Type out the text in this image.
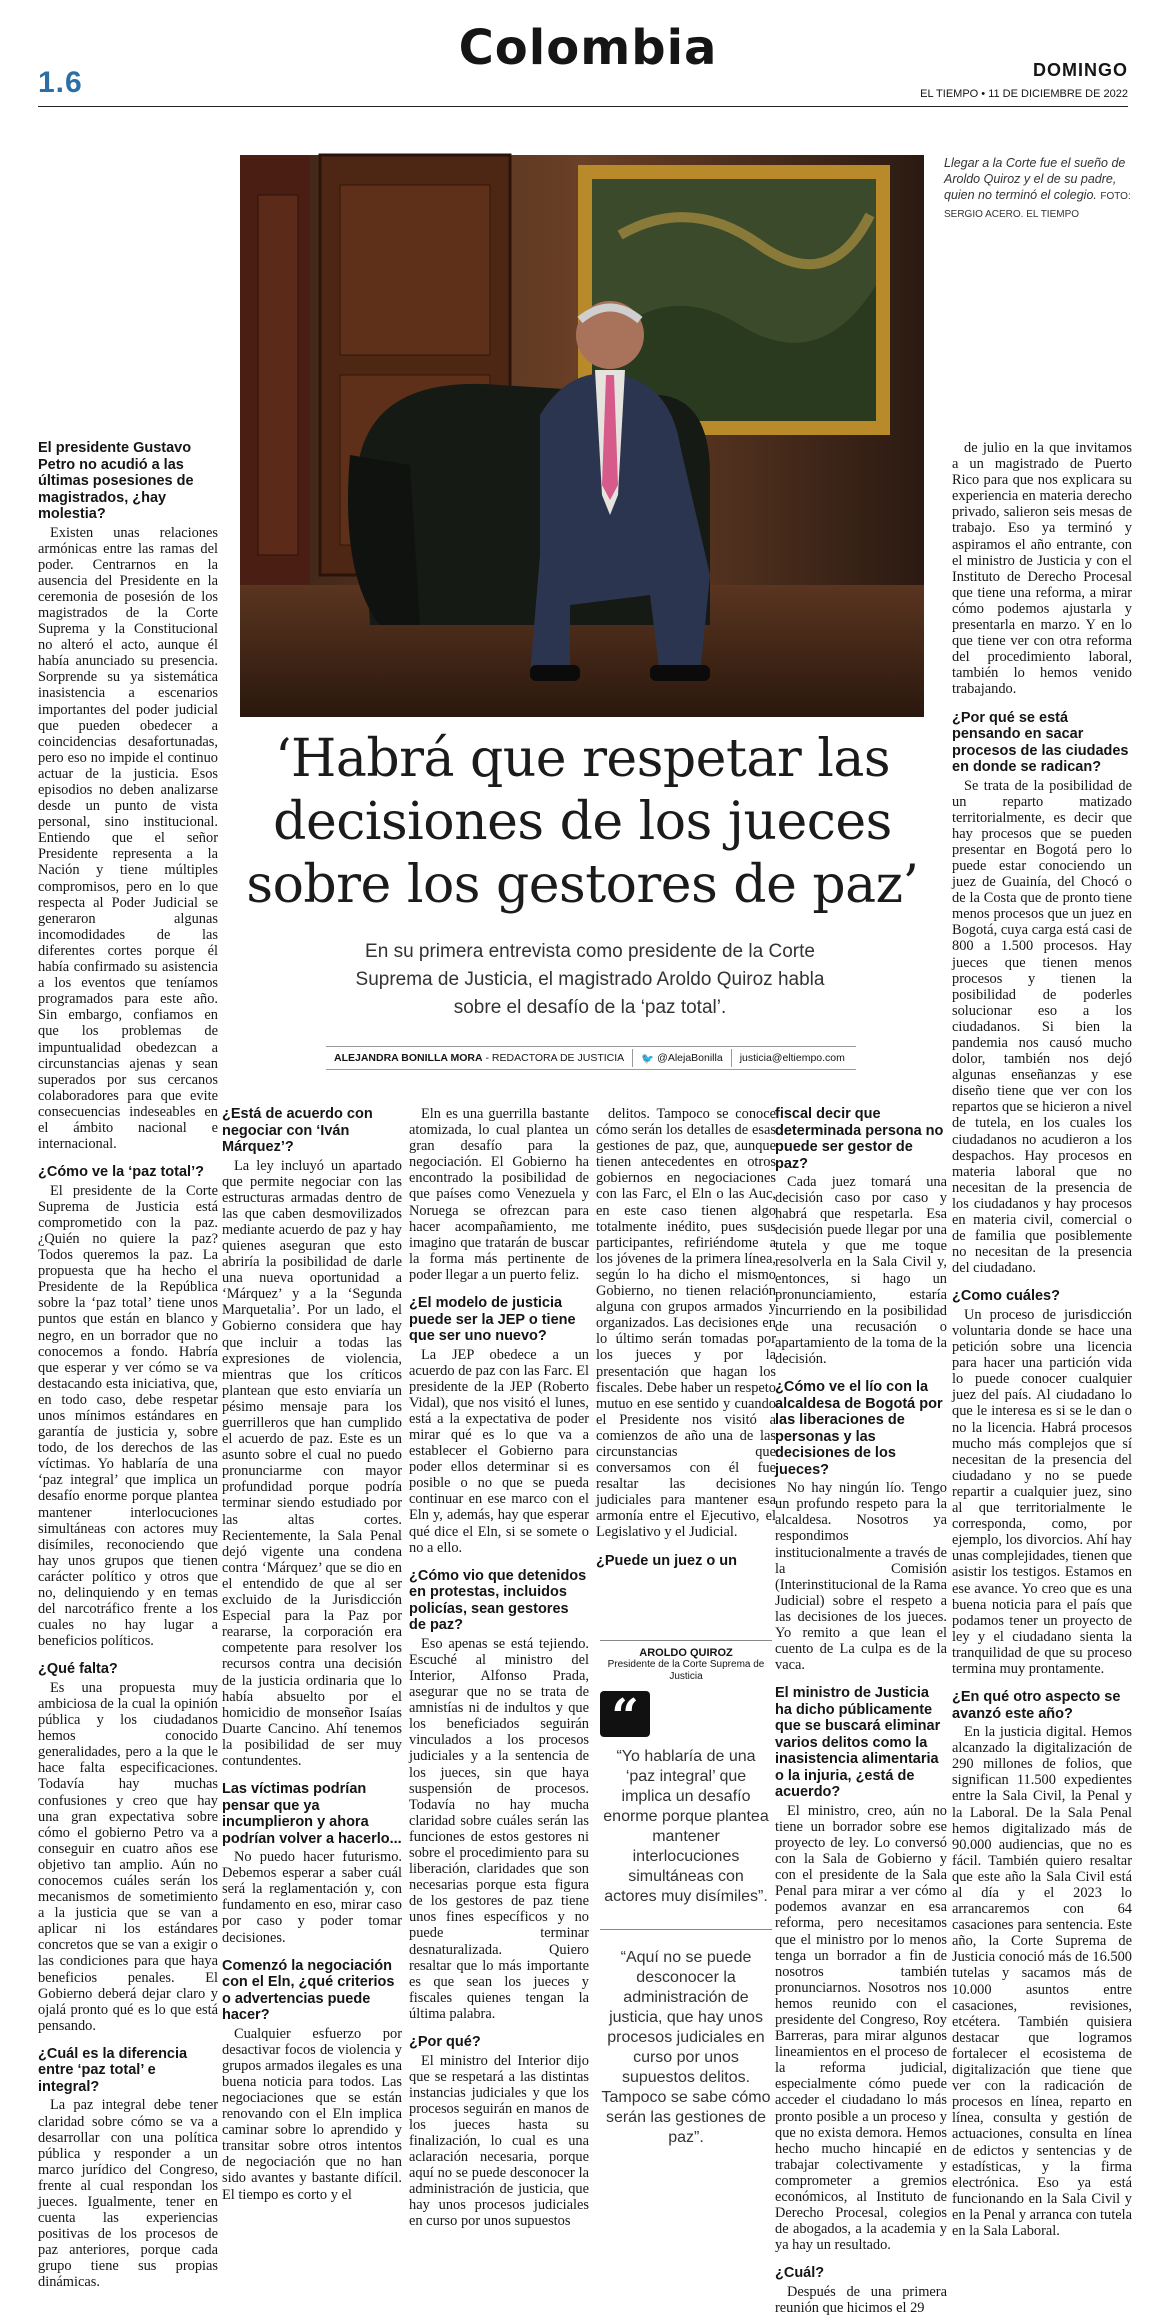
1.6
Colombia	DOMINGO
EL TIEMPO • 11 DE DICIEMBRE DE 2022
Llegar a la Corte fue el sueño de Aroldo Quiroz y el de su padre, quien no terminó el colegio. FOTO: SERGIO ACERO. EL TIEMPO
‘Habrá que respetar las decisiones de los jueces sobre los gestores de paz’
En su primera entrevista como presidente de la Corte Suprema de Justicia, el magistrado Aroldo Quiroz habla sobre el desafío de la ‘paz total’.
ALEJANDRA BONILLA MORA - REDACTORA DE JUSTICIA 🐦 @AlejaBonilla justicia@eltiempo.com
El presidente Gustavo Petro no acudió a las últimas posesiones de magistrados, ¿hay molestia?

Existen unas relaciones armónicas entre las ramas del poder. Centrarnos en la ausencia del Presidente en la ceremonia de posesión de los magistrados de la Corte Suprema y la Constitucional no alteró el acto, aunque él había anunciado su presencia. Sorprende su ya sistemática inasistencia a escenarios importantes del poder judicial que pueden obedecer a coincidencias desafortunadas, pero eso no impide el continuo actuar de la justicia. Esos episodios no deben analizarse desde un punto de vista personal, sino institucional. Entiendo que el señor Presidente representa a la Nación y tiene múltiples compromisos, pero en lo que respecta al Poder Judicial se generaron algunas incomodidades de las diferentes cortes porque él había confirmado su asistencia a los eventos que teníamos programados para este año. Sin embargo, confiamos en que los problemas de impuntualidad obedezcan a circunstancias ajenas y sean superados por sus cercanos colaboradores para que evite consecuencias indeseables en el ámbito nacional e internacional.

¿Cómo ve la ‘paz total’?

El presidente de la Corte Suprema de Justicia está comprometido con la paz. ¿Quién no quiere la paz? Todos queremos la paz. La propuesta que ha hecho el Presidente de la República sobre la ‘paz total’ tiene unos puntos que están en blanco y negro, en un borrador que no conocemos a fondo. Habría que esperar y ver cómo se va destacando esta iniciativa, que, en todo caso, debe respetar unos mínimos estándares en garantía de justicia y, sobre todo, de los derechos de las víctimas. Yo hablaría de una ‘paz integral’ que implica un desafío enorme porque plantea mantener interlocuciones simultáneas con actores muy disímiles, reconociendo que hay unos grupos que tienen carácter político y otros que no, delinquiendo y en temas del narcotráfico frente a los cuales no hay lugar a beneficios políticos.

¿Qué falta?

Es una propuesta muy ambiciosa de la cual la opinión pública y los ciudadanos hemos conocido generalidades, pero a la que le hace falta especificaciones. Todavía hay muchas confusiones y creo que hay una gran expectativa sobre cómo el gobierno Petro va a conseguir en cuatro años ese objetivo tan amplio. Aún no conocemos cuáles serán los mecanismos de sometimiento a la justicia que se van a aplicar ni los estándares concretos que se van a exigir o las condiciones para que haya beneficios penales. El Gobierno deberá dejar claro y ojalá pronto qué es lo que está pensando.

¿Cuál es la diferencia entre ‘paz total’ e integral?

La paz integral debe tener claridad sobre cómo se va a desarrollar con una política pública y responder a un marco jurídico del Congreso, frente al cual respondan los jueces. Igualmente, tener en cuenta las experiencias positivas de los procesos de paz anteriores, porque cada grupo tiene sus propias dinámicas.

¿Está de acuerdo con negociar con ‘Iván Márquez’?

La ley incluyó un apartado que permite negociar con las estructuras armadas dentro de las que caben desmovilizados mediante acuerdo de paz y hay quienes aseguran que esto abriría la posibilidad de darle una nueva oportunidad a ‘Márquez’ y a la ‘Segunda Marquetalia’. Por un lado, el Gobierno considera que hay que incluir a todas las expresiones de violencia, mientras que los críticos plantean que esto enviaría un pésimo mensaje para los guerrilleros que han cumplido el acuerdo de paz. Este es un asunto sobre el cual no puedo pronunciarme con mayor profundidad porque podría terminar siendo estudiado por las altas cortes. Recientemente, la Sala Penal dejó vigente una condena contra ‘Márquez’ que se dio en el entendido de que al ser excluido de la Jurisdicción Especial para la Paz por reararse, la corporación era competente para resolver los recursos contra una decisión de la justicia ordinaria que lo había absuelto por el homicidio de monseñor Isaías Duarte Cancino. Ahí tenemos la posibilidad de ser muy contundentes.

Las víctimas podrían pensar que ya incumplieron y ahora podrían volver a hacerlo...

No puedo hacer futurismo. Debemos esperar a saber cuál será la reglamentación y, con fundamento en eso, mirar caso por caso y poder tomar decisiones.

Comenzó la negociación con el Eln, ¿qué criterios o advertencias puede hacer?

Cualquier esfuerzo por desactivar focos de violencia y grupos armados ilegales es una buena noticia para todos. Las negociaciones que se están renovando con el Eln implica caminar sobre lo aprendido y transitar sobre otros intentos de negociación que no han sido avantes y bastante difícil. El tiempo es corto y el

Eln es una guerrilla bastante atomizada, lo cual plantea un gran desafío para la negociación. El Gobierno ha encontrado la posibilidad de que países como Venezuela y Noruega se ofrezcan para hacer acompañamiento, me imagino que tratarán de buscar la forma más pertinente de poder llegar a un puerto feliz.

¿El modelo de justicia puede ser la JEP o tiene que ser uno nuevo?

La JEP obedece a un acuerdo de paz con las Farc. El presidente de la JEP (Roberto Vidal), que nos visitó el lunes, está a la expectativa de poder mirar qué es lo que va a establecer el Gobierno para poder ellos determinar si es posible o no que se pueda continuar en ese marco con el Eln y, además, hay que esperar qué dice el Eln, si se somete o no a ello.

¿Cómo vio que detenidos en protestas, incluidos policías, sean gestores de paz?

Eso apenas se está tejiendo. Escuché al ministro del Interior, Alfonso Prada, asegurar que no se trata de amnistías ni de indultos y que los beneficiados seguirán vinculados a los procesos judiciales y a la sentencia de los jueces, sin que haya suspensión de procesos. Todavía no hay mucha claridad sobre cuáles serán las funciones de estos gestores ni sobre el procedimiento para su liberación, claridades que son necesarias porque esta figura de los gestores de paz tiene unos fines específicos y no puede terminar desnaturalizada. Quiero resaltar que lo más importante es que sean los jueces y fiscales quienes tengan la última palabra.

¿Por qué?

El ministro del Interior dijo que se respetará a las distintas instancias judiciales y que los procesos seguirán en manos de los jueces hasta su finalización, lo cual es una aclaración necesaria, porque aquí no se puede desconocer la administración de justicia, que hay unos procesos judiciales en curso por unos supuestos

delitos. Tampoco se conoce cómo serán los detalles de esas gestiones de paz, que, aunque tienen antecedentes en otros gobiernos en negociaciones con las Farc, el Eln o las Auc, en este caso tienen algo totalmente inédito, pues sus participantes, refiriéndome a los jóvenes de la primera línea, según lo ha dicho el mismo Gobierno, no tienen relación alguna con grupos armados y organizados. Las decisiones en lo último serán tomadas por los jueces y por la presentación que hagan los fiscales. Debe haber un respeto mutuo en ese sentido y cuando el Presidente nos visitó a comienzos de año una de las circunstancias que conversamos con él fue resaltar las decisiones judiciales para mantener esa armonía entre el Ejecutivo, el Legislativo y el Judicial.

¿Puede un juez o un
fiscal decir que determinada persona no puede ser gestor de paz?

Cada juez tomará una decisión caso por caso y habrá que respetarla. Esa decisión puede llegar por una tutela y que me toque resolverla en la Sala Civil y, entonces, si hago un pronunciamiento, estaría incurriendo en la posibilidad de una recusación o apartamiento de la toma de la decisión.

¿Cómo ve el lío con la alcaldesa de Bogotá por las liberaciones de personas y las decisiones de los jueces?

No hay ningún lío. Tengo un profundo respeto para la alcaldesa. Nosotros ya respondimos institucionalmente a través de la Comisión (Interinstitucional de la Rama Judicial) sobre el respeto a las decisiones de los jueces. Yo remito a que lean el cuento de La culpa es de la vaca.

El ministro de Justicia ha dicho públicamente que se buscará eliminar varios delitos como la inasistencia alimentaria o la injuria, ¿está de acuerdo?

El ministro, creo, aún no tiene un borrador sobre ese proyecto de ley. Lo conversó con la Sala de Gobierno y con el presidente de la Sala Penal para mirar a ver cómo podemos avanzar en esa reforma, pero necesitamos que el ministro por lo menos tenga un borrador a fin de nosotros también pronunciarnos. Nosotros nos hemos reunido con el presidente del Congreso, Roy Barreras, para mirar algunos lineamientos en el proceso de la reforma judicial, especialmente cómo puede acceder el ciudadano lo más pronto posible a un proceso y que no exista demora. Hemos hecho mucho hincapié en trabajar colectivamente y comprometer a gremios económicos, al Instituto de Derecho Procesal, colegios de abogados, a la academia y ya hay un resultado.

¿Cuál?

Después de una primera reunión que hicimos el 29

de julio en la que invitamos a un magistrado de Puerto Rico para que nos explicara su experiencia en materia derecho privado, salieron seis mesas de trabajo. Eso ya terminó y aspiramos el año entrante, con el ministro de Justicia y con el Instituto de Derecho Procesal que tiene una reforma, a mirar cómo podemos ajustarla y presentarla en marzo. Y en lo que tiene ver con otra reforma del procedimiento laboral, también lo hemos venido trabajando.

¿Por qué se está pensando en sacar procesos de las ciudades en donde se radican?

Se trata de la posibilidad de un reparto matizado territorialmente, es decir que hay procesos que se pueden presentar en Bogotá pero lo puede estar conociendo un juez de Guainía, del Chocó o de la Costa que de pronto tiene menos procesos que un juez en Bogotá, cuya carga está casi de 800 a 1.500 procesos. Hay jueces que tienen menos procesos y tienen la posibilidad de poderles solucionar eso a los ciudadanos. Si bien la pandemia nos causó mucho dolor, también nos dejó algunas enseñanzas y ese diseño tiene que ver con los repartos que se hicieron a nivel de tutela, en los cuales los ciudadanos no acudieron a los despachos. Hay procesos en materia laboral que no necesitan de la presencia de los ciudadanos y hay procesos en materia civil, comercial o de familia que posiblemente no necesitan de la presencia del ciudadano.

¿Como cuáles?

Un proceso de jurisdicción voluntaria donde se hace una petición sobre una licencia para hacer una partición vida lo puede conocer cualquier juez del país. Al ciudadano lo que le interesa es si se le dan o no la licencia. Habrá procesos mucho más complejos que sí necesitan de la presencia del ciudadano y no se puede repartir a cualquier juez, sino al que territorialmente le corresponda, como, por ejemplo, los divorcios. Ahí hay unas complejidades, tienen que asistir los testigos. Estamos en ese avance. Yo creo que es una buena noticia para el país que podamos tener un proyecto de ley y el ciudadano sienta la tranquilidad de que su proceso termina muy prontamente.

¿En qué otro aspecto se avanzó este año?

En la justicia digital. Hemos alcanzado la digitalización de 290 millones de folios, que significan 11.500 expedientes entre la Sala Civil, la Penal y la Laboral. De la Sala Penal hemos digitalizado más de 90.000 audiencias, que no es fácil. También quiero resaltar que este año la Sala Civil está al día y el 2023 lo arrancaremos con 64 casaciones para sentencia. Este año, la Corte Suprema de Justicia conoció más de 16.500 tutelas y sacamos más de 10.000 asuntos entre casaciones, revisiones, etcétera. También quisiera destacar que logramos fortalecer el ecosistema de digitalización que tiene que ver con la radicación de procesos en línea, reparto en línea, consulta y gestión de actuaciones, consulta en línea de edictos y sentencias y de estadísticas, y la firma electrónica. Eso ya está funcionando en la Sala Civil y en la Penal y arranca con tutela en la Sala Laboral.

AROLDO QUIROZ
Presidente de la Corte Suprema de Justicia
“
“Yo hablaría de una ‘paz integral’ que implica un desafío enorme porque plantea mantener interlocuciones simultáneas con actores muy disímiles”.
“Aquí no se puede desconocer la administración de justicia, que hay unos procesos judiciales en curso por unos supuestos delitos. Tampoco se sabe cómo serán las gestiones de paz”.
